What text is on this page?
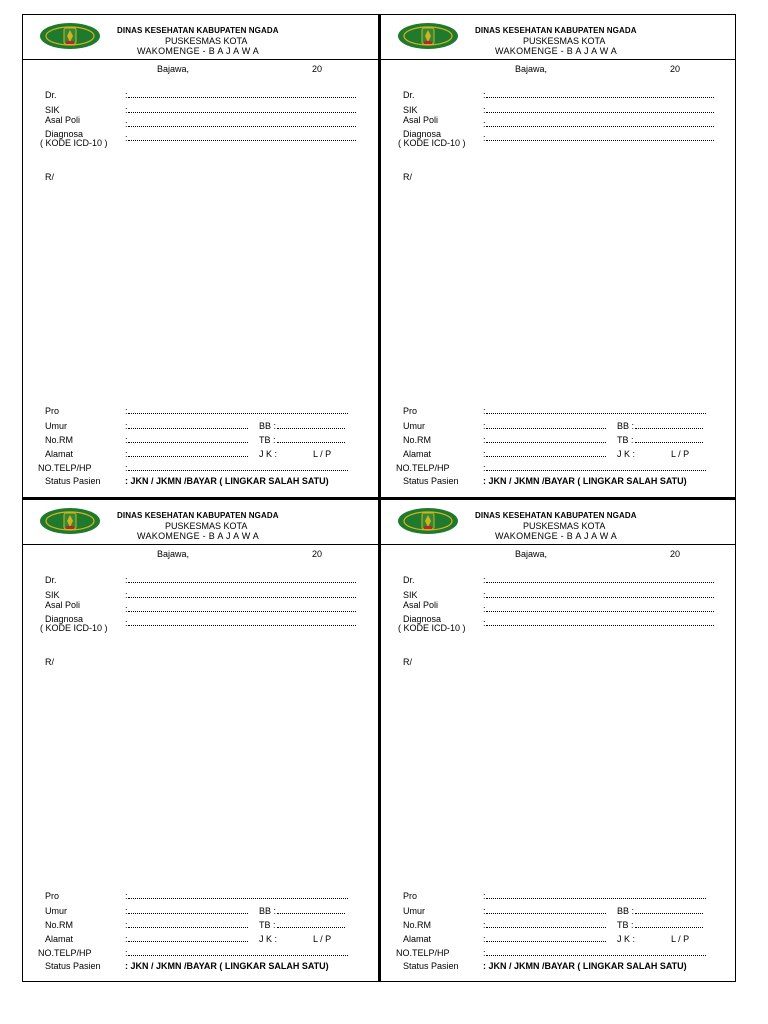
DINAS KESEHATAN KABUPATEN NGADA
PUSKESMAS KOTA
WAKOMENGE - B A J A W A
Bajawa,	20
Dr.	:
SIK	:
Asal Poli	:
Diagnosa
( KODE ICD-10 ) :
R/
Pro	:
Umur	:	BB :
No.RM	:	TB :
Alamat	:	J K :	L / P
NO.TELP/HP	:
Status Pasien	: JKN / JKMN /BAYAR ( LINGKAR SALAH SATU)
DINAS KESEHATAN KABUPATEN NGADA
PUSKESMAS KOTA
WAKOMENGE - B A J A W A
Bajawa,	20
Dr.	:
SIK	:
Asal Poli	:
Diagnosa
( KODE ICD-10 ) :
R/
Pro	:
Umur	:	BB :
No.RM	:	TB :
Alamat	:	J K :	L / P
NO.TELP/HP	:
Status Pasien	: JKN / JKMN /BAYAR ( LINGKAR SALAH SATU)
DINAS KESEHATAN KABUPATEN NGADA
PUSKESMAS KOTA
WAKOMENGE - B A J A W A
Bajawa,	20
Dr.	:
SIK	:
Asal Poli	:
Diagnosa
( KODE ICD-10 ) :
R/
Pro	:
Umur	:	BB :
No.RM	:	TB :
Alamat	:	J K :	L / P
NO.TELP/HP	:
Status Pasien	: JKN / JKMN /BAYAR ( LINGKAR SALAH SATU)
DINAS KESEHATAN KABUPATEN NGADA
PUSKESMAS KOTA
WAKOMENGE - B A J A W A
Bajawa,	20
Dr.	:
SIK	:
Asal Poli	:
Diagnosa
( KODE ICD-10 ) :
R/
Pro	:
Umur	:	BB :
No.RM	:	TB :
Alamat	:	J K :	L / P
NO.TELP/HP	:
Status Pasien	: JKN / JKMN /BAYAR ( LINGKAR SALAH SATU)
